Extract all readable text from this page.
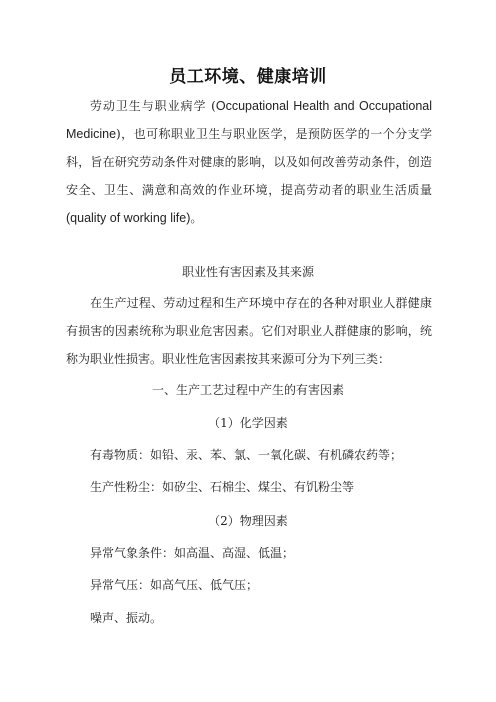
员工环境、健康培训
劳动卫生与职业病学 (Occupational Health and Occupational Medicine)，也可称职业卫生与职业医学，是预防医学的一个分支学科，旨在研究劳动条件对健康的影响，以及如何改善劳动条件，创造安全、卫生、满意和高效的作业环境，提高劳动者的职业生活质量 (quality of working life)。
职业性有害因素及其来源
在生产过程、劳动过程和生产环境中存在的各种对职业人群健康有损害的因素统称为职业危害因素。它们对职业人群健康的影响，统称为职业性损害。职业性危害因素按其来源可分为下列三类：
一、生产工艺过程中产生的有害因素
（1）化学因素
有毒物质：如铅、汞、苯、氯、一氧化碳、有机磷农药等；
生产性粉尘：如矽尘、石棉尘、煤尘、有饥粉尘等
（2）物理因素
异常气象条件：如高温、高湿、低温；
异常气压：如高气压、低气压；
噪声、振动。
